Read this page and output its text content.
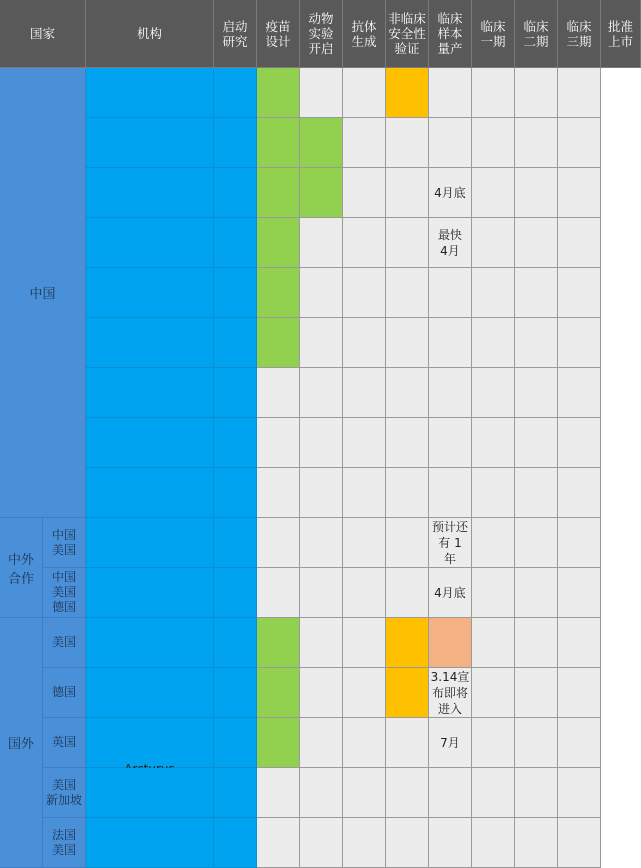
国家	机构	启动
研究
疫苗
设计
动物
实验
开启
抗体
生成
非临床
安全性
验证
临床
样本
量产
临床
一期
临床
二期
临床
三期
批准
上市
中国
中外
合作
中国
美国
中国
美国
德国
国外
美国
德国
英国
美国
新加坡
法国
美国
4月底
最快
4月
预计还
有 1
年
4月底
3.14宣
布即将
进入
7月
